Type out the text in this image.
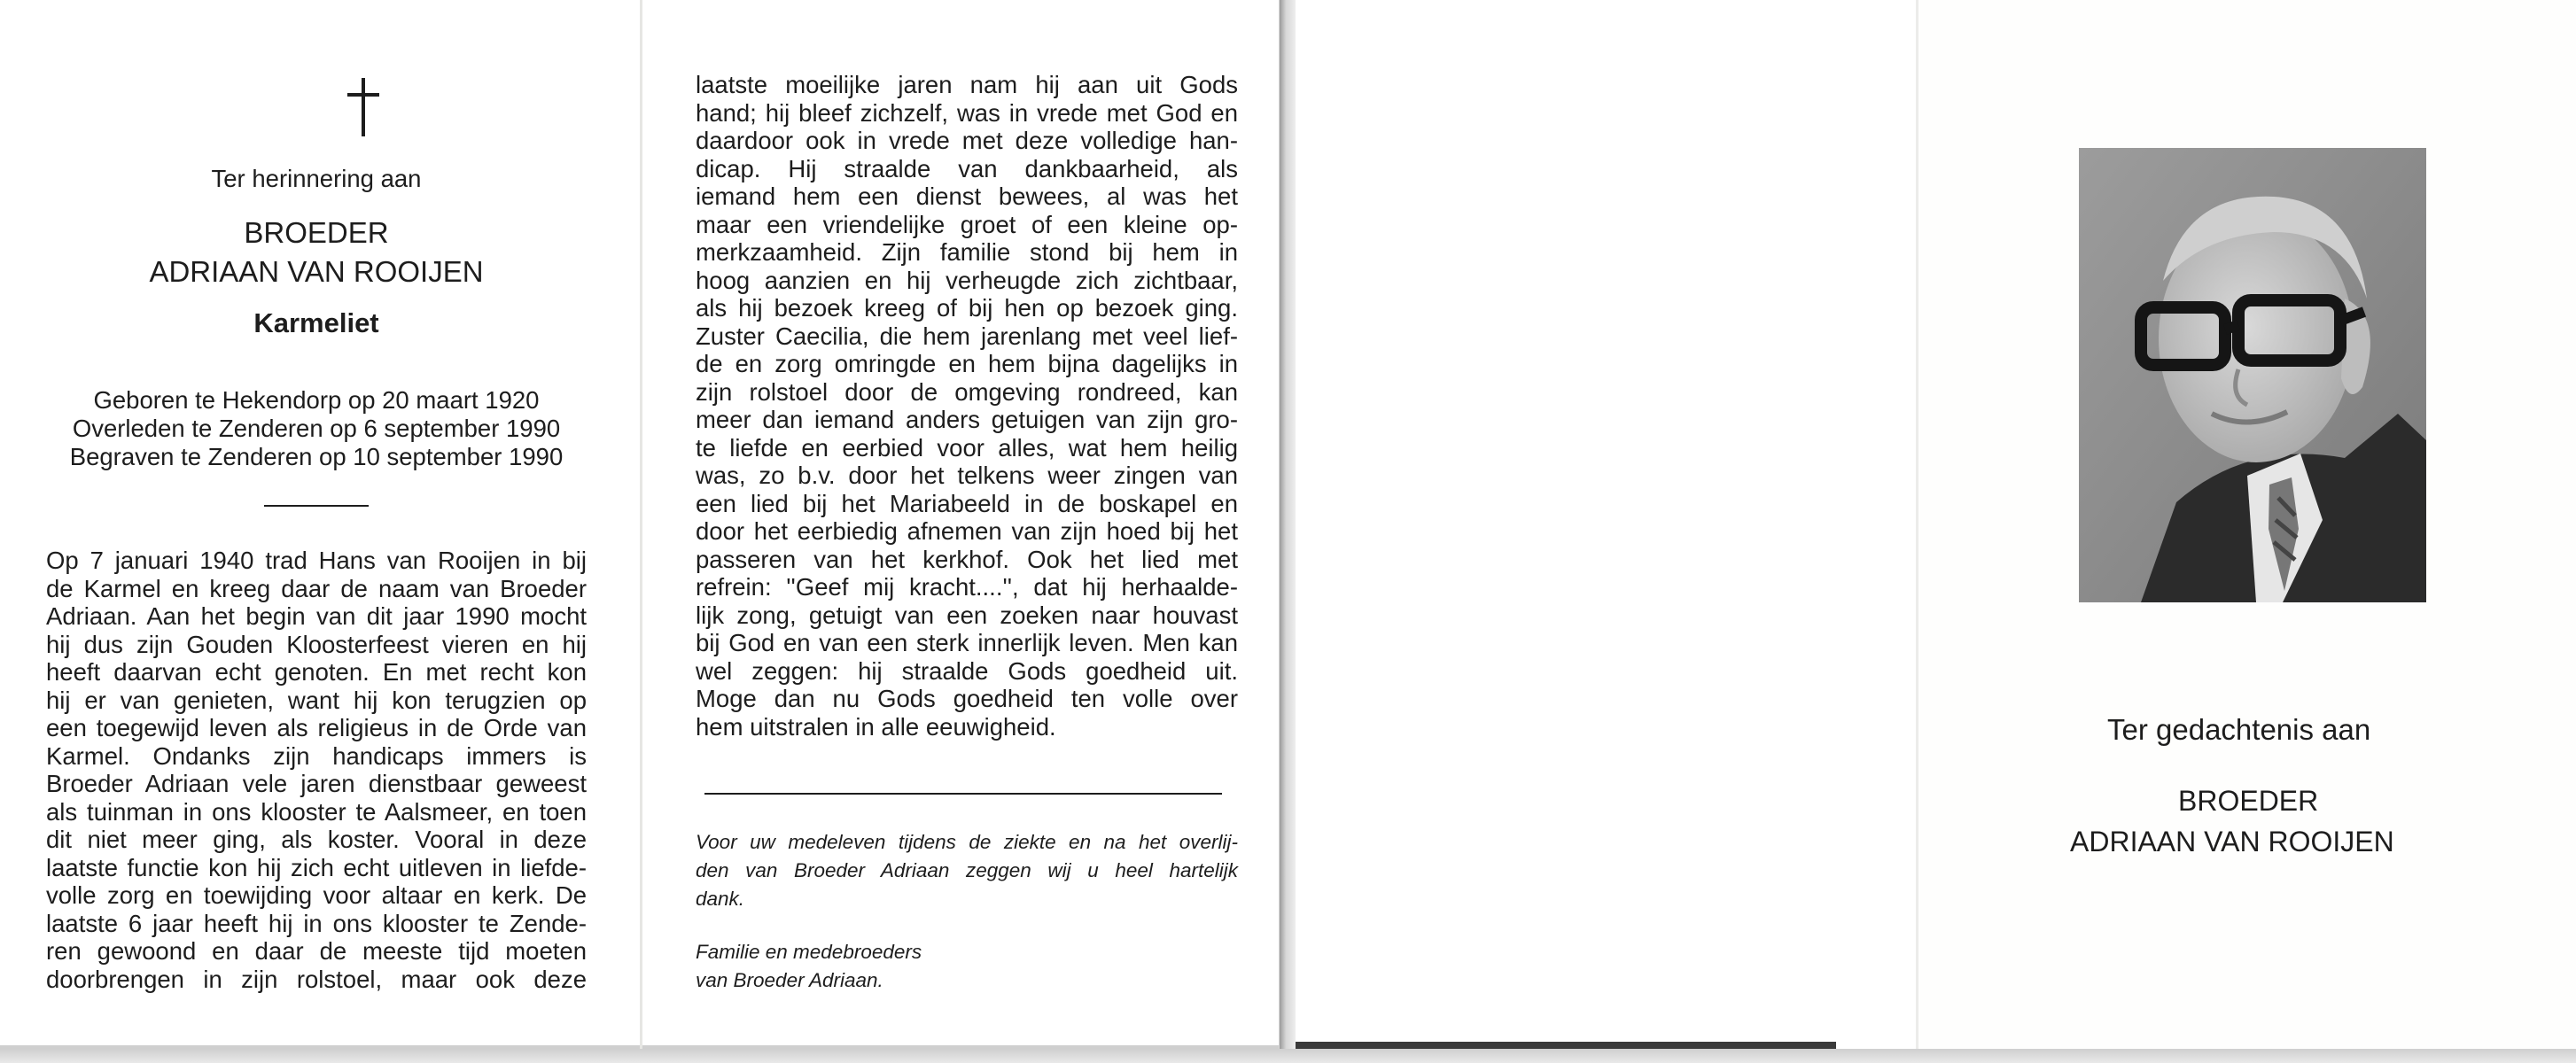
Ter herinnering aan

BROEDER

ADRIAAN VAN ROOIJEN

Karmeliet

Geboren te Hekendorp op 20 maart 1920

Overleden te Zenderen op 6 september 1990

Begraven te Zenderen op 10 september 1990

Op 7 januari 1940 trad Hans van Rooijen in bij
de Karmel en kreeg daar de naam van Broeder
Adriaan. Aan het begin van dit jaar 1990 mocht
hij dus zijn Gouden Kloosterfeest vieren en hij
heeft daarvan echt genoten. En met recht kon
hij er van genieten, want hij kon terugzien op
een toegewijd leven als religieus in de Orde van
Karmel. Ondanks zijn handicaps immers is
Broeder Adriaan vele jaren dienstbaar geweest
als tuinman in ons klooster te Aalsmeer, en toen
dit niet meer ging, als koster. Vooral in deze
laatste functie kon hij zich echt uitleven in liefde-
volle zorg en toewijding voor altaar en kerk. De
laatste 6 jaar heeft hij in ons klooster te Zende-
ren gewoond en daar de meeste tijd moeten
doorbrengen in zijn rolstoel, maar ook deze
laatste moeilijke jaren nam hij aan uit Gods
hand; hij bleef zichzelf, was in vrede met God en
daardoor ook in vrede met deze volledige han-
dicap. Hij straalde van dankbaarheid, als
iemand hem een dienst bewees, al was het
maar een vriendelijke groet of een kleine op-
merkzaamheid. Zijn familie stond bij hem in
hoog aanzien en hij verheugde zich zichtbaar,
als hij bezoek kreeg of bij hen op bezoek ging.
Zuster Caecilia, die hem jarenlang met veel lief-
de en zorg omringde en hem bijna dagelijks in
zijn rolstoel door de omgeving rondreed, kan
meer dan iemand anders getuigen van zijn gro-
te liefde en eerbied voor alles, wat hem heilig
was, zo b.v. door het telkens weer zingen van
een lied bij het Mariabeeld in de boskapel en
door het eerbiedig afnemen van zijn hoed bij het
passeren van het kerkhof. Ook het lied met
refrein: ''Geef mij kracht....'', dat hij herhaalde-
lijk zong, getuigt van een zoeken naar houvast
bij God en van een sterk innerlijk leven. Men kan
wel zeggen: hij straalde Gods goedheid uit.
Moge dan nu Gods goedheid ten volle over
hem uitstralen in alle eeuwigheid.
Voor uw medeleven tijdens de ziekte en na het overlij-
den van Broeder Adriaan zeggen wij u heel hartelijk
dank.

Familie en medebroeders

van Broeder Adriaan.

Ter gedachtenis aan

BROEDER

ADRIAAN VAN ROOIJEN
